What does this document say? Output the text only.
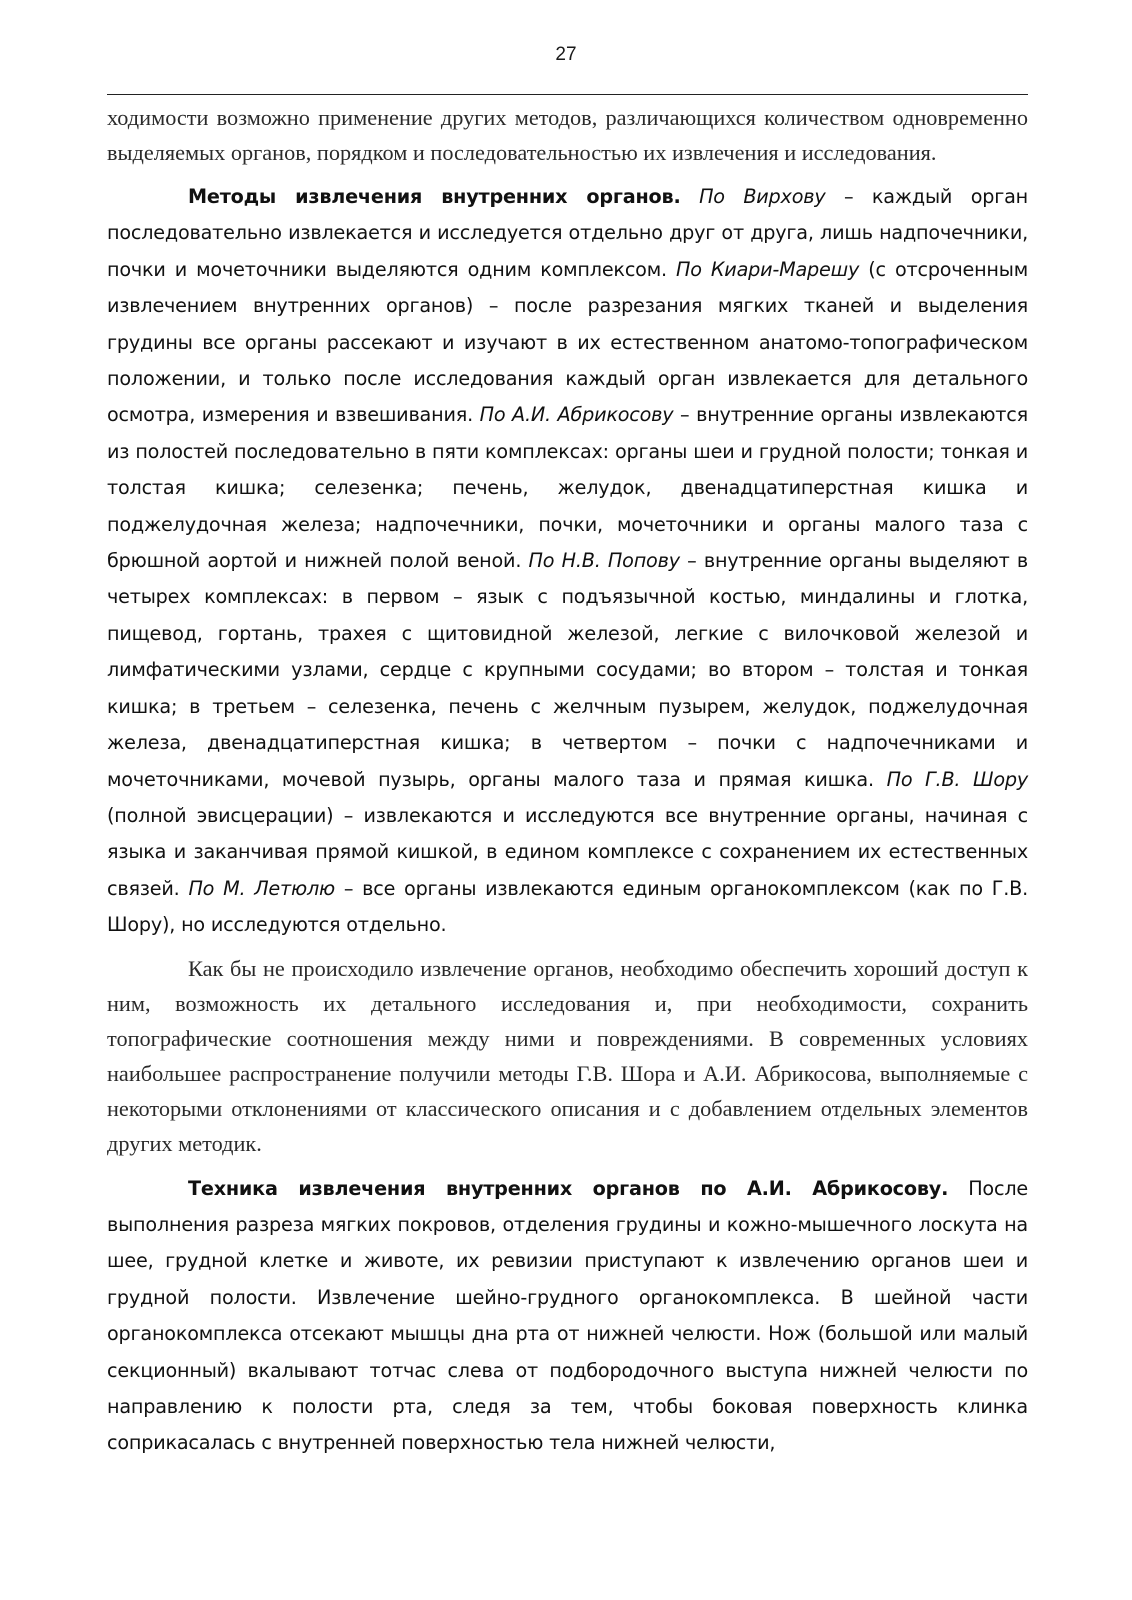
27

ходимости возможно применение других методов, различающихся количеством одновременно выделяемых органов, порядком и последовательностью их извлечения и исследования.

Методы извлечения внутренних органов. По Вирхову – каждый орган последовательно извлекается и исследуется отдельно друг от друга, лишь надпочечники, почки и мочеточники выделяются одним комплексом. По Киари-Марешу (с отсроченным извлечением внутренних органов) – после разрезания мягких тканей и выделения грудины все органы рассекают и изучают в их естественном анатомо-топографическом положении, и только после исследования каждый орган извлекается для детального осмотра, измерения и взвешивания. По А.И. Абрикосову – внутренние органы извлекаются из полостей последовательно в пяти комплексах: органы шеи и грудной полости; тонкая и толстая кишка; селезенка; печень, желудок, двенадцатиперстная кишка и поджелудочная железа; надпочечники, почки, мочеточники и органы малого таза с брюшной аортой и нижней полой веной. По Н.В. Попову – внутренние органы выделяют в четырех комплексах: в первом – язык с подъязычной костью, миндалины и глотка, пищевод, гортань, трахея с щитовидной железой, легкие с вилочковой железой и лимфатическими узлами, сердце с крупными сосудами; во втором – толстая и тонкая кишка; в третьем – селезенка, печень с желчным пузырем, желудок, поджелудочная железа, двенадцатиперстная кишка; в четвертом – почки с надпочечниками и мочеточниками, мочевой пузырь, органы малого таза и прямая кишка. По Г.В. Шору (полной эвисцерации) – извлекаются и исследуются все внутренние органы, начиная с языка и заканчивая прямой кишкой, в едином комплексе с сохранением их естественных связей. По М. Летюлю – все органы извлекаются единым органокомплексом (как по Г.В. Шору), но исследуются отдельно.

Как бы не происходило извлечение органов, необходимо обеспечить хороший доступ к ним, возможность их детального исследования и, при необходимости, сохранить топографические соотношения между ними и повреждениями. В современных условиях наибольшее распространение получили методы Г.В. Шора и А.И. Абрикосова, выполняемые с некоторыми отклонениями от классического описания и с добавлением отдельных элементов других методик.

Техника извлечения внутренних органов по А.И. Абрикосову. После выполнения разреза мягких покровов, отделения грудины и кожно-мышечного лоскута на шее, грудной клетке и животе, их ревизии приступают к извлечению органов шеи и грудной полости. Извлечение шейно-грудного органокомплекса. В шейной части органокомплекса отсекают мышцы дна рта от нижней челюсти. Нож (большой или малый секционный) вкалывают тотчас слева от подбородочного выступа нижней челюсти по направлению к полости рта, следя за тем, чтобы боковая поверхность клинка соприкасалась с внутренней поверхностью тела нижней челюсти,
